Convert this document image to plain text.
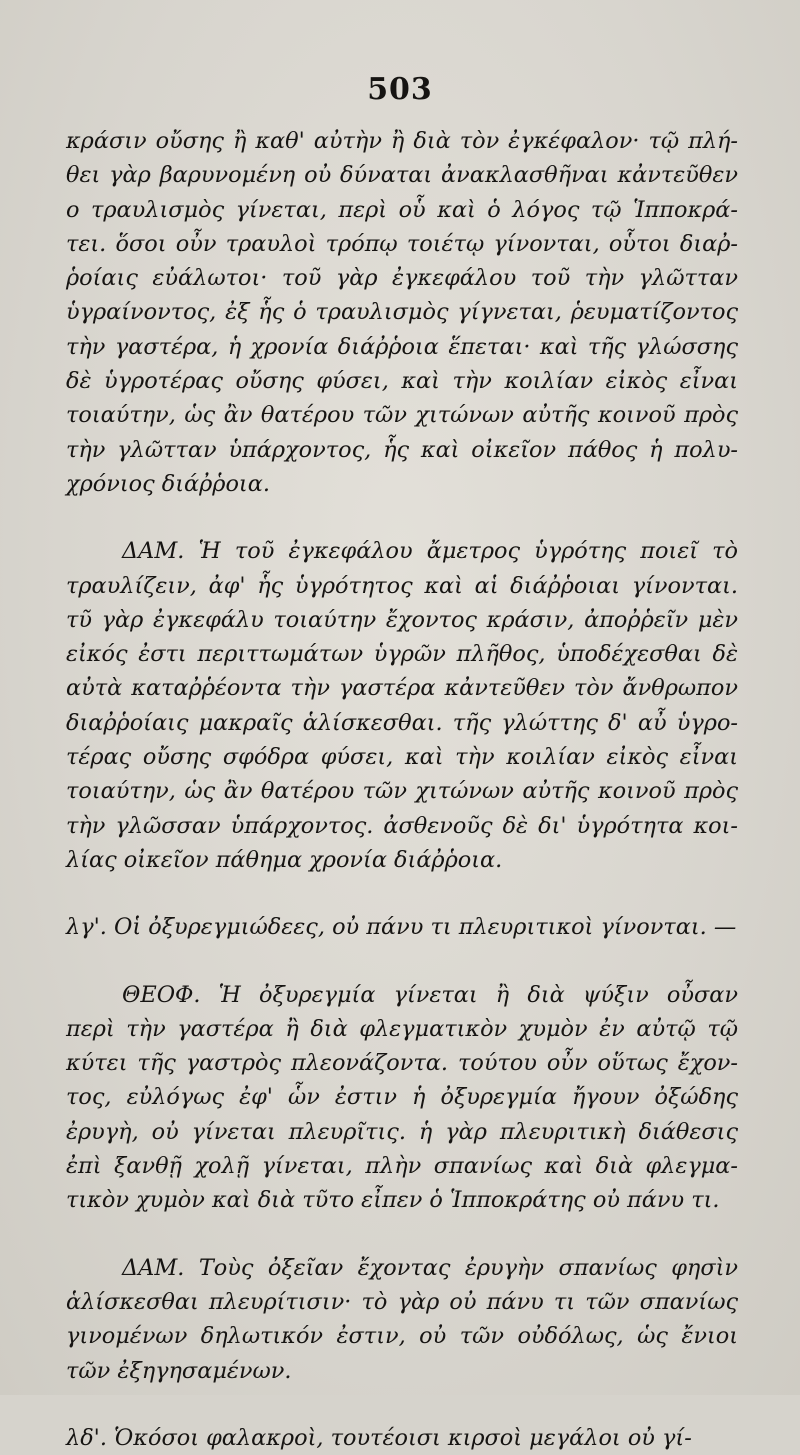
503
κράσιν οὔσης ἢ καθ' αὐτὴν ἢ διὰ τὸν ἐγκέφαλον· τῷ πλή-
θει γὰρ βαρυνομένη οὐ δύναται ἀνακλασθῆναι κἀντεῦθεν
ο τραυλισμὸς γίνεται, περὶ οὗ καὶ ὁ λόγος τῷ Ἱπποκρά-
τει. ὅσοι οὖν τραυλοὶ τρόπῳ τοιέτῳ γίνονται, οὗτοι διαῤ-
ῥοίαις εὐάλωτοι· τοῦ γὰρ ἐγκεφάλου τοῦ τὴν γλῶτταν
ὑγραίνοντος, ἐξ ἧς ὁ τραυλισμὸς γίγνεται, ῥευματίζοντος
τὴν γαστέρα, ἡ χρονία διάῤῥοια ἕπεται· καὶ τῆς γλώσσης
δὲ ὑγροτέρας οὔσης φύσει, καὶ τὴν κοιλίαν εἰκὸς εἶναι
τοιαύτην, ὡς ἂν θατέρου τῶν χιτώνων αὐτῆς κοινοῦ πρὸς
τὴν γλῶτταν ὑπάρχοντος, ἧς καὶ οἰκεῖον πάθος ἡ πολυ-
χρόνιος διάῤῥοια.
ΔΑΜ. Ἡ τοῦ ἐγκεφάλου ἄμετρος ὑγρότης ποιεῖ τὸ
τραυλίζειν, ἀφ' ἧς ὑγρότητος καὶ αἱ διάῤῥοιαι γίνονται.
τῦ γὰρ ἐγκεφάλυ τοιαύτην ἔχοντος κράσιν, ἀποῤῥεῖν μὲν
εἰκός ἐστι περιττωμάτων ὑγρῶν πλῆθος, ὑποδέχεσθαι δὲ
αὐτὰ καταῤῥέοντα τὴν γαστέρα κἀντεῦθεν τὸν ἄνθρωπον
διαῤῥοίαις μακραῖς ἁλίσκεσθαι. τῆς γλώττης δ' αὖ ὑγρο-
τέρας οὔσης σφόδρα φύσει, καὶ τὴν κοιλίαν εἰκὸς εἶναι
τοιαύτην, ὡς ἂν θατέρου τῶν χιτώνων αὐτῆς κοινοῦ πρὸς
τὴν γλῶσσαν ὑπάρχοντος. ἀσθενοῦς δὲ δι' ὑγρότητα κοι-
λίας οἰκεῖον πάθημα χρονία διάῤῥοια.
λγ'. Οἱ ὀξυρεγμιώδεες, οὐ πάνυ τι πλευριτικοὶ γίνονται. —
ΘΕΟΦ. Ἡ ὀξυρεγμία γίνεται ἢ διὰ ψύξιν οὖσαν
περὶ τὴν γαστέρα ἢ διὰ φλεγματικὸν χυμὸν ἐν αὐτῷ τῷ
κύτει τῆς γαστρὸς πλεονάζοντα. τούτου οὖν οὕτως ἔχον-
τος, εὐλόγως ἐφ' ὧν ἐστιν ἡ ὀξυρεγμία ἤγουν ὀξώδης
ἐρυγὴ, οὐ γίνεται πλευρῖτις. ἡ γὰρ πλευριτικὴ διάθεσις
ἐπὶ ξανθῇ χολῇ γίνεται, πλὴν σπανίως καὶ διὰ φλεγμα-
τικὸν χυμὸν καὶ διὰ τῦτο εἶπεν ὁ Ἱπποκράτης οὐ πάνυ τι.
ΔΑΜ. Τοὺς ὀξεῖαν ἔχοντας ἐρυγὴν σπανίως φησὶν
ἁλίσκεσθαι πλευρίτισιν· τὸ γὰρ οὐ πάνυ τι τῶν σπανίως
γινομένων δηλωτικόν ἐστιν, οὐ τῶν οὐδόλως, ὡς ἔνιοι
τῶν ἐξηγησαμένων.
λδ'. Ὁκόσοι φαλακροὶ, τουτέοισι κιρσοὶ μεγάλοι οὐ γί-
